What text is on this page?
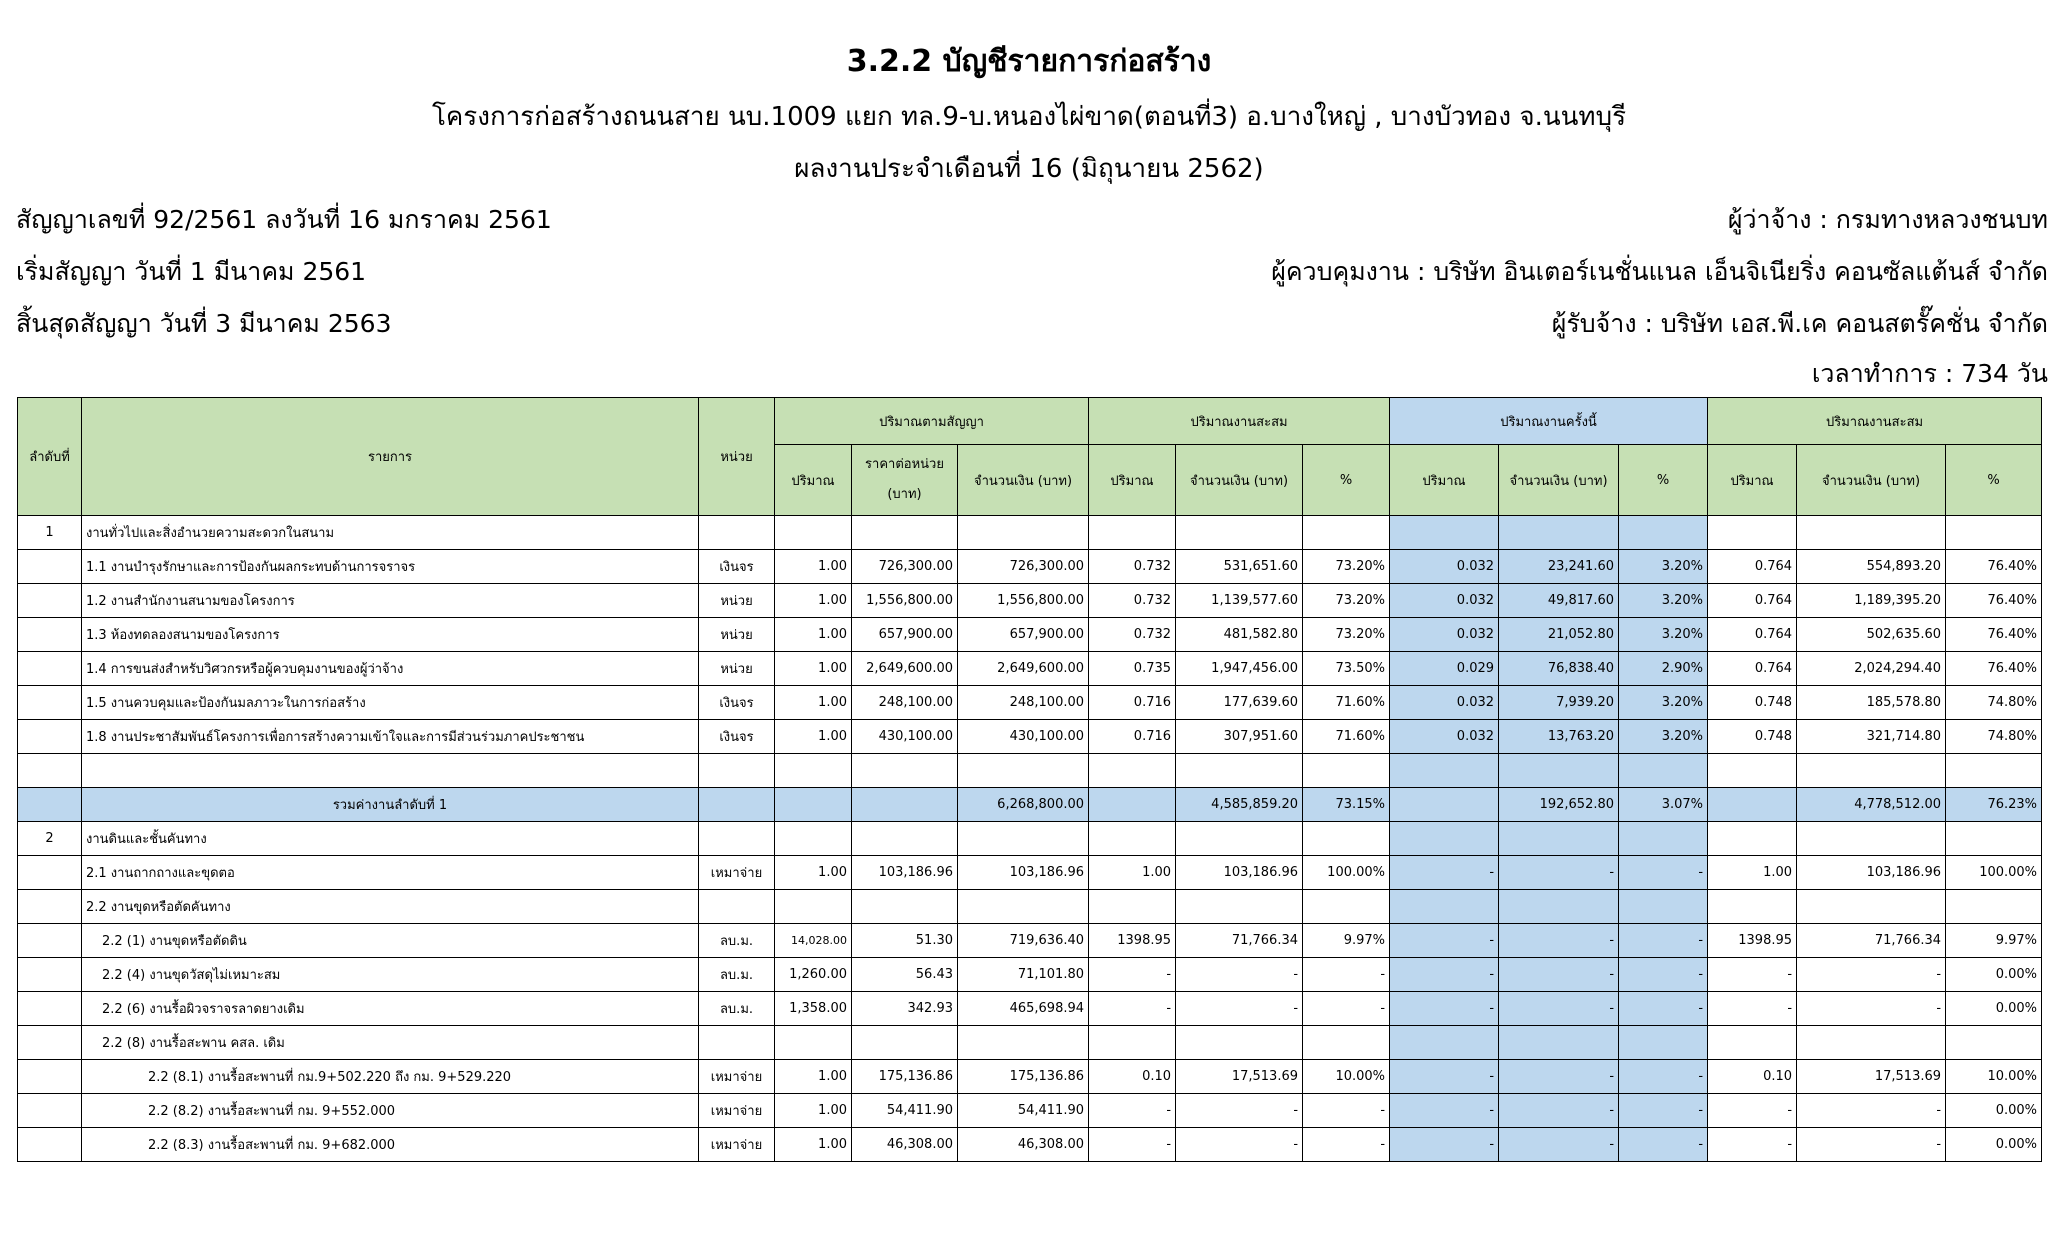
3.2.2 บัญชีรายการก่อสร้าง
โครงการก่อสร้างถนนสาย นบ.1009 แยก ทล.9-บ.หนองไผ่ขาด(ตอนที่3) อ.บางใหญ่ , บางบัวทอง จ.นนทบุรี
ผลงานประจำเดือนที่ 16 (มิถุนายน 2562)
สัญญาเลขที่ 92/2561 ลงวันที่ 16 มกราคม 2561
เริ่มสัญญา วันที่ 1 มีนาคม 2561
สิ้นสุดสัญญา วันที่ 3 มีนาคม 2563
ผู้ว่าจ้าง : กรมทางหลวงชนบท
ผู้ควบคุมงาน : บริษัท อินเตอร์เนชั่นแนล เอ็นจิเนียริ่ง คอนซัลแต้นส์ จำกัด
ผู้รับจ้าง : บริษัท เอส.พี.เค คอนสตรั๊คชั่น จำกัด
เวลาทำการ : 734 วัน
ลำดับที่	รายการ	หน่วย	ปริมาณตามสัญญา			ปริมาณงานสะสม			ปริมาณงานครั้งนี้			ปริมาณงานสะสม		
			ปริมาณ	ราคาต่อหน่วย (บาท)	จำนวนเงิน (บาท)	ปริมาณ	จำนวนเงิน (บาท)	%	ปริมาณ	จำนวนเงิน (บาท)	%	ปริมาณ	จำนวนเงิน (บาท)	%
1	งานทั่วไปและสิ่งอำนวยความสะดวกในสนาม													
	1.1 งานบำรุงรักษาและการป้องกันผลกระทบด้านการจราจร	เงินจร	1.00	726,300.00	726,300.00	0.732	531,651.60	73.20%	0.032	23,241.60	3.20%	0.764	554,893.20	76.40%
	1.2 งานสำนักงานสนามของโครงการ	หน่วย	1.00	1,556,800.00	1,556,800.00	0.732	1,139,577.60	73.20%	0.032	49,817.60	3.20%	0.764	1,189,395.20	76.40%
	1.3 ห้องทดลองสนามของโครงการ	หน่วย	1.00	657,900.00	657,900.00	0.732	481,582.80	73.20%	0.032	21,052.80	3.20%	0.764	502,635.60	76.40%
	1.4 การขนส่งสำหรับวิศวกรหรือผู้ควบคุมงานของผู้ว่าจ้าง	หน่วย	1.00	2,649,600.00	2,649,600.00	0.735	1,947,456.00	73.50%	0.029	76,838.40	2.90%	0.764	2,024,294.40	76.40%
	1.5 งานควบคุมและป้องกันมลภาวะในการก่อสร้าง	เงินจร	1.00	248,100.00	248,100.00	0.716	177,639.60	71.60%	0.032	7,939.20	3.20%	0.748	185,578.80	74.80%
	1.8 งานประชาสัมพันธ์โครงการเพื่อการสร้างความเข้าใจและการมีส่วนร่วมภาคประชาชน	เงินจร	1.00	430,100.00	430,100.00	0.716	307,951.60	71.60%	0.032	13,763.20	3.20%	0.748	321,714.80	74.80%

	รวมค่างานลำดับที่ 1				6,268,800.00		4,585,859.20	73.15%		192,652.80	3.07%		4,778,512.00	76.23%
2	งานดินและชั้นคันทาง													
	2.1 งานถากถางและขุดตอ	เหมาจ่าย	1.00	103,186.96	103,186.96	1.00	103,186.96	100.00%	-	-	-	1.00	103,186.96	100.00%
	2.2 งานขุดหรือตัดคันทาง													
	2.2 (1) งานขุดหรือตัดดิน	ลบ.ม.	14,028.00	51.30	719,636.40	1398.95	71,766.34	9.97%	-	-	-	1398.95	71,766.34	9.97%
	2.2 (4) งานขุดวัสดุไม่เหมาะสม	ลบ.ม.	1,260.00	56.43	71,101.80	-	-	-	-	-	-	-	-	0.00%
	2.2 (6) งานรื้อผิวจราจรลาดยางเดิม	ลบ.ม.	1,358.00	342.93	465,698.94	-	-	-	-	-	-	-	-	0.00%
	2.2 (8) งานรื้อสะพาน คสล. เดิม													
	2.2 (8.1) งานรื้อสะพานที่ กม.9+502.220 ถึง กม. 9+529.220	เหมาจ่าย	1.00	175,136.86	175,136.86	0.10	17,513.69	10.00%	-	-	-	0.10	17,513.69	10.00%
	2.2 (8.2) งานรื้อสะพานที่ กม. 9+552.000	เหมาจ่าย	1.00	54,411.90	54,411.90	-	-	-	-	-	-	-	-	0.00%
	2.2 (8.3) งานรื้อสะพานที่ กม. 9+682.000	เหมาจ่าย	1.00	46,308.00	46,308.00	-	-	-	-	-	-	-	-	0.00%
